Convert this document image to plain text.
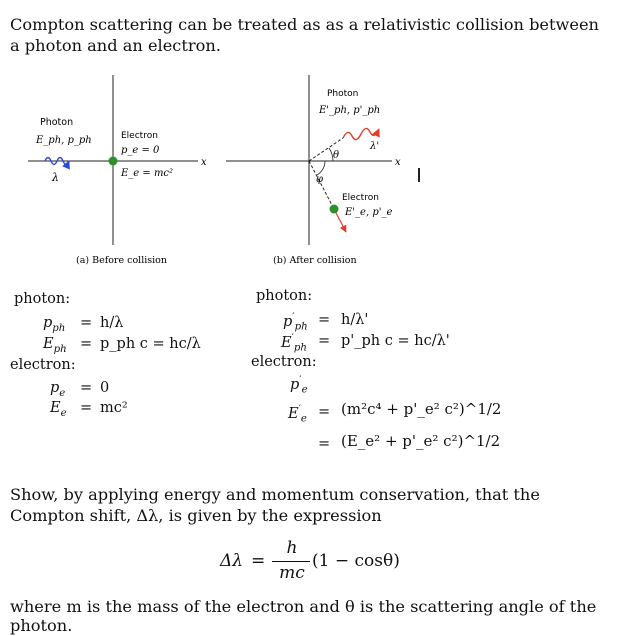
Compton scattering can be treated as as a relativistic collision between a photon and an electron.
x
Photon
E_ph, p_ph
λ
Electron
p_e = 0
E_e = mc²
(a) Before collision
x
θ
φ
Photon
E'_ph, p'_ph
λ'
Electron
E'_e, p'_e
(b) After collision
photon:
$p_{ph} = h/\lambda$
$E_{ph}$ = p_ph c = hc/λ
electron:
$p_e = 0$
$E_e = mc^2$
photon:
$p'_{ph} = h/\lambda'$
$E'_{ph}$ = p'_ph c = hc/λ'
electron:
$p'_e$
$E'_e = (m^2c^4$ + p'_e² c²)^1/2
= (E_e² + p'_e² c²)^1/2
Show, by applying energy and momentum conservation, that the Compton shift, Δλ, is given by the expression
Δλ =
h
mc
(1 − cosθ)
where m is the mass of the electron and θ is the scattering angle of the photon.
